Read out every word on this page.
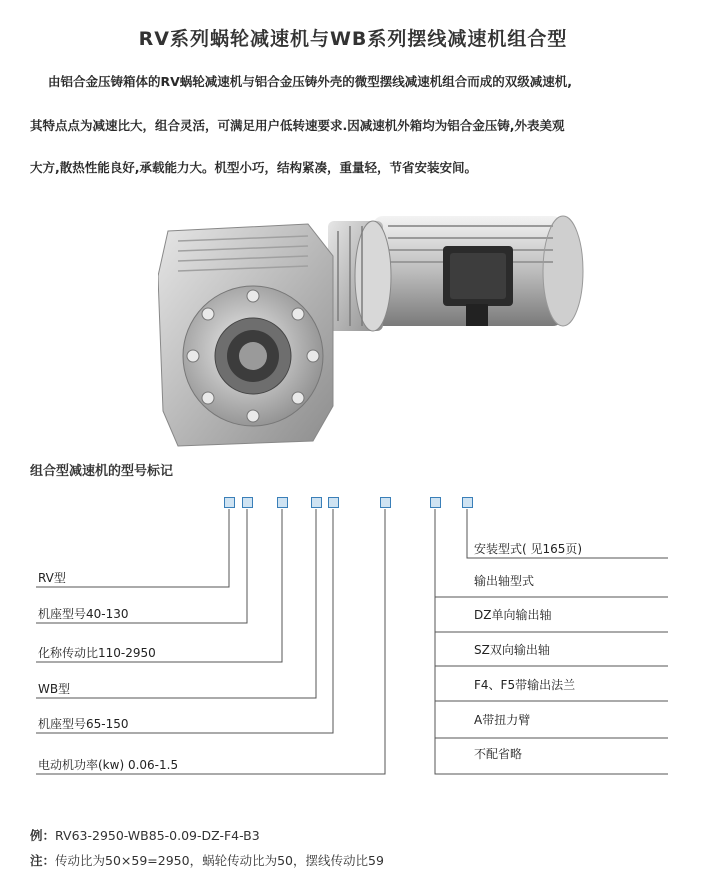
RV系列蜗轮减速机与WB系列摆线减速机组合型
由铝合金压铸箱体的RV蜗轮减速机与铝合金压铸外壳的微型摆线减速机组合而成的双级减速机,
其特点点为减速比大，组合灵活，可满足用户低转速要求.因减速机外箱均为铝合金压铸,外表美观
大方,散热性能良好,承载能力大。机型小巧，结构紧凑，重量轻，节省安装安间。
组合型减速机的型号标记
RV型
机座型号40-130
化称传动比110-2950
WB型
机座型号65-150
电动机功率(kw) 0.06-1.5
安装型式( 见165页)
输出轴型式
DZ单向输出轴
SZ双向输出轴
F4、F5带输出法兰
A带扭力臂
不配省略
例：RV63-2950-WB85-0.09-DZ-F4-B3
注：传动比为50×59=2950，蜗轮传动比为50，摆线传动比59
